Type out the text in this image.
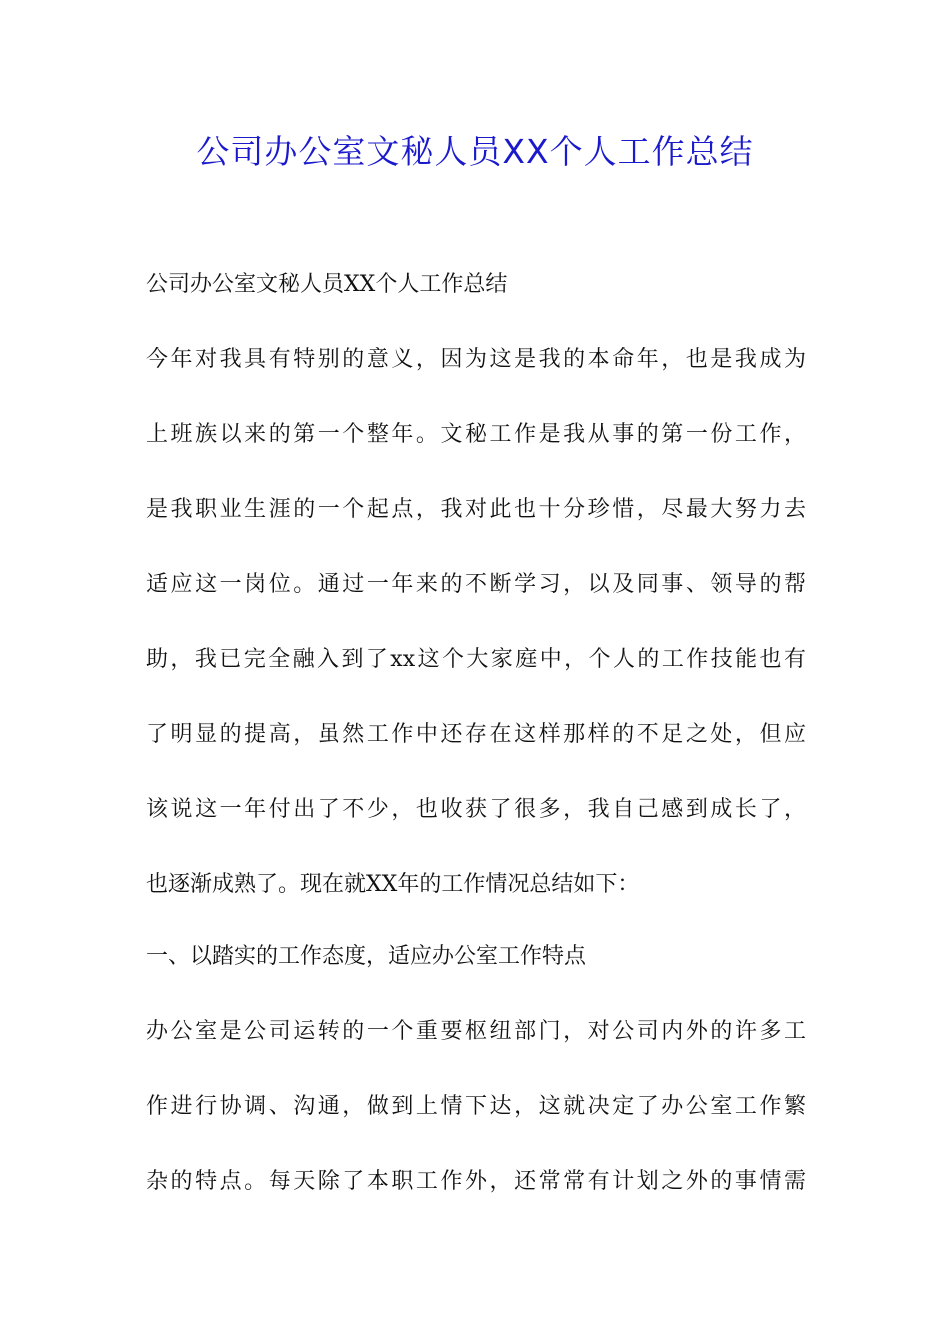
公司办公室文秘人员XX个人工作总结
公司办公室文秘人员XX个人工作总结
今年对我具有特别的意义，因为这是我的本命年，也是我成为
上班族以来的第一个整年。文秘工作是我从事的第一份工作，
是我职业生涯的一个起点，我对此也十分珍惜，尽最大努力去
适应这一岗位。通过一年来的不断学习，以及同事、领导的帮
助，我已完全融入到了xx这个大家庭中，个人的工作技能也有
了明显的提高，虽然工作中还存在这样那样的不足之处，但应
该说这一年付出了不少，也收获了很多，我自己感到成长了，
也逐渐成熟了。现在就XX年的工作情况总结如下：
一、以踏实的工作态度，适应办公室工作特点
办公室是公司运转的一个重要枢纽部门，对公司内外的许多工
作进行协调、沟通，做到上情下达，这就决定了办公室工作繁
杂的特点。每天除了本职工作外，还常常有计划之外的事情需
